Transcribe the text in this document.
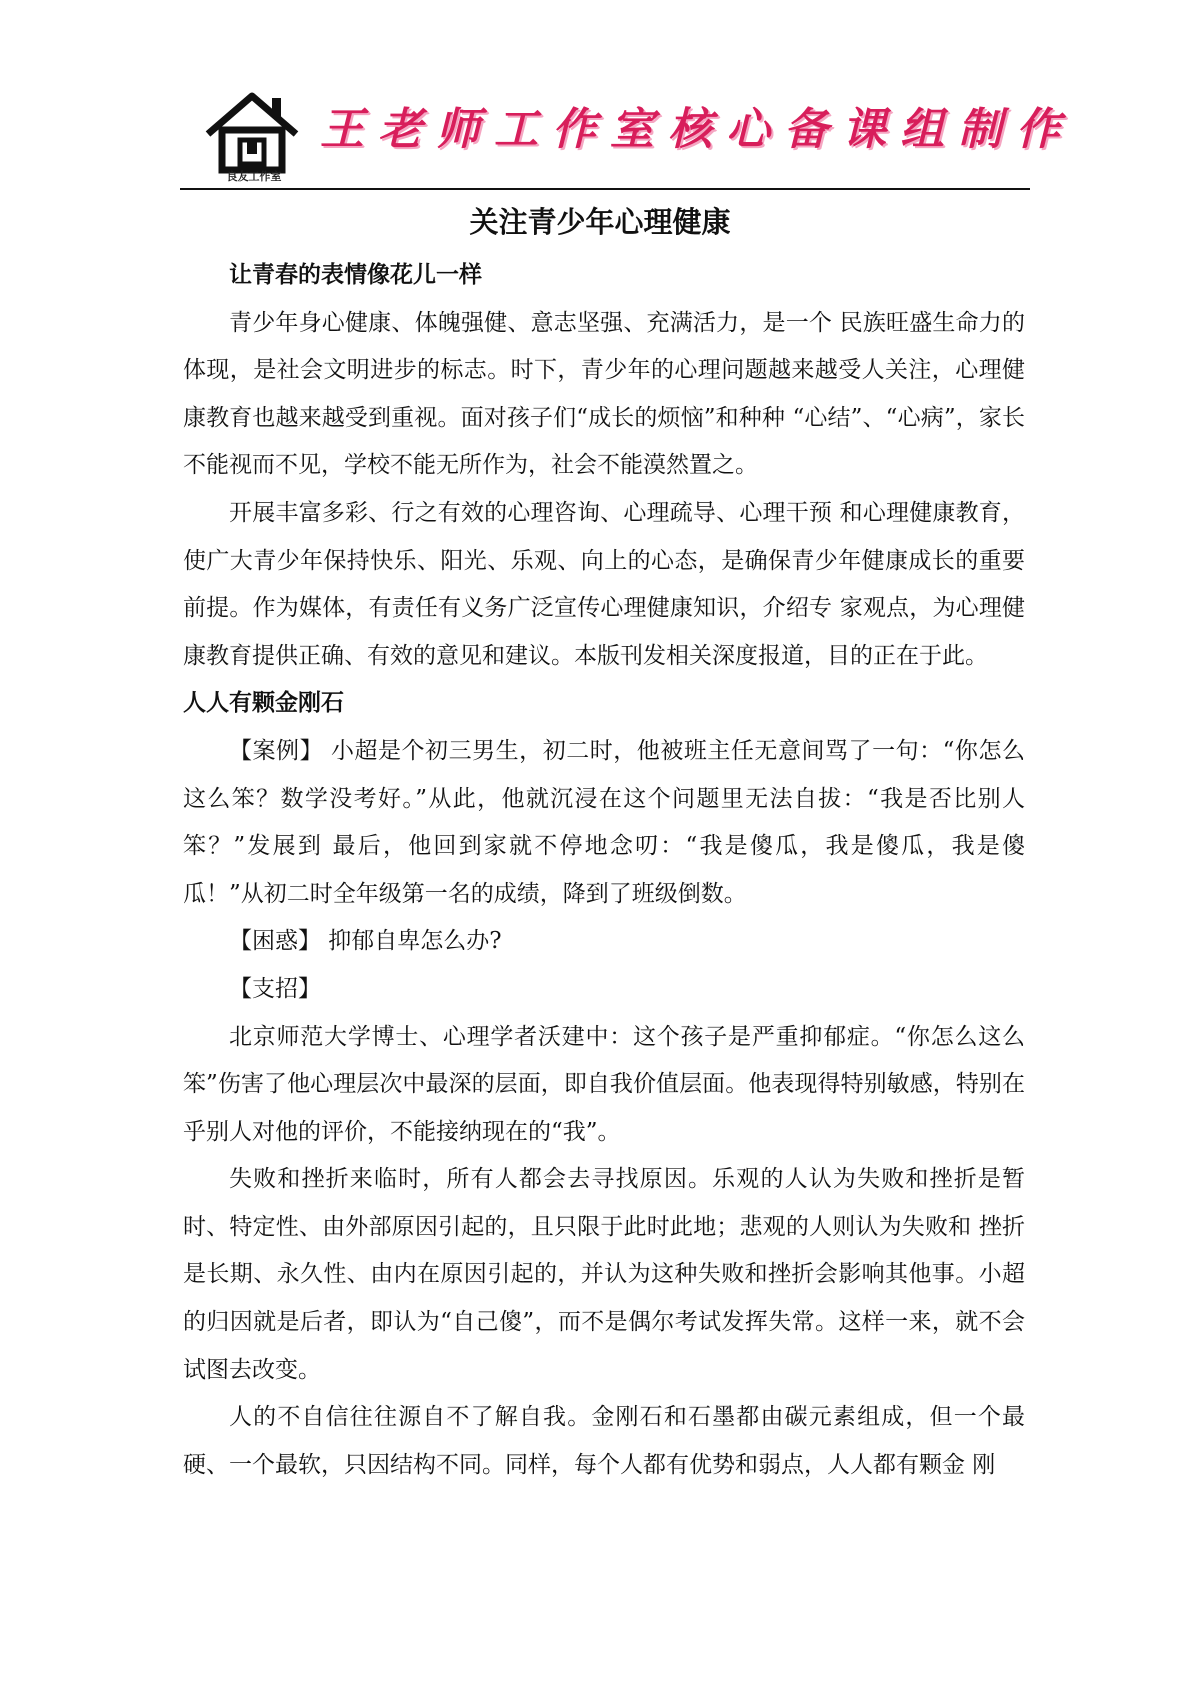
良友工作室
王老师工作室核心备课组制作
关注青少年心理健康

让青春的表情像花儿一样

青少年身心健康、体魄强健、意志坚强、充满活力，是一个 民族旺盛生命力的体现，是社会文明进步的标志。时下，青少年的心理问题越来越受人关注，心理健康教育也越来越受到重视。面对孩子们“成长的烦恼”和种种 “心结”、“心病”，家长不能视而不见，学校不能无所作为，社会不能漠然置之。

开展丰富多彩、行之有效的心理咨询、心理疏导、心理干预 和心理健康教育，使广大青少年保持快乐、阳光、乐观、向上的心态，是确保青少年健康成长的重要前提。作为媒体，有责任有义务广泛宣传心理健康知识，介绍专 家观点，为心理健康教育提供正确、有效的意见和建议。本版刊发相关深度报道，目的正在于此。

人人有颗金刚石

【案例】 小超是个初三男生，初二时，他被班主任无意间骂了一句：“你怎么这么笨？数学没考好。”从此，他就沉浸在这个问题里无法自拔：“我是否比别人笨？”发展到 最后，他回到家就不停地念叨：“我是傻瓜，我是傻瓜，我是傻瓜！”从初二时全年级第一名的成绩，降到了班级倒数。

【困惑】 抑郁自卑怎么办?

【支招】

北京师范大学博士、心理学者沃建中：这个孩子是严重抑郁症。“你怎么这么笨”伤害了他心理层次中最深的层面，即自我价值层面。他表现得特别敏感，特别在乎别人对他的评价，不能接纳现在的“我”。

失败和挫折来临时，所有人都会去寻找原因。乐观的人认为失败和挫折是暂时、特定性、由外部原因引起的，且只限于此时此地；悲观的人则认为失败和 挫折是长期、永久性、由内在原因引起的，并认为这种失败和挫折会影响其他事。小超的归因就是后者，即认为“自己傻”，而不是偶尔考试发挥失常。这样一来，就不会试图去改变。

人的不自信往往源自不了解自我。金刚石和石墨都由碳元素组成，但一个最硬、一个最软，只因结构不同。同样，每个人都有优势和弱点，人人都有颗金 刚
